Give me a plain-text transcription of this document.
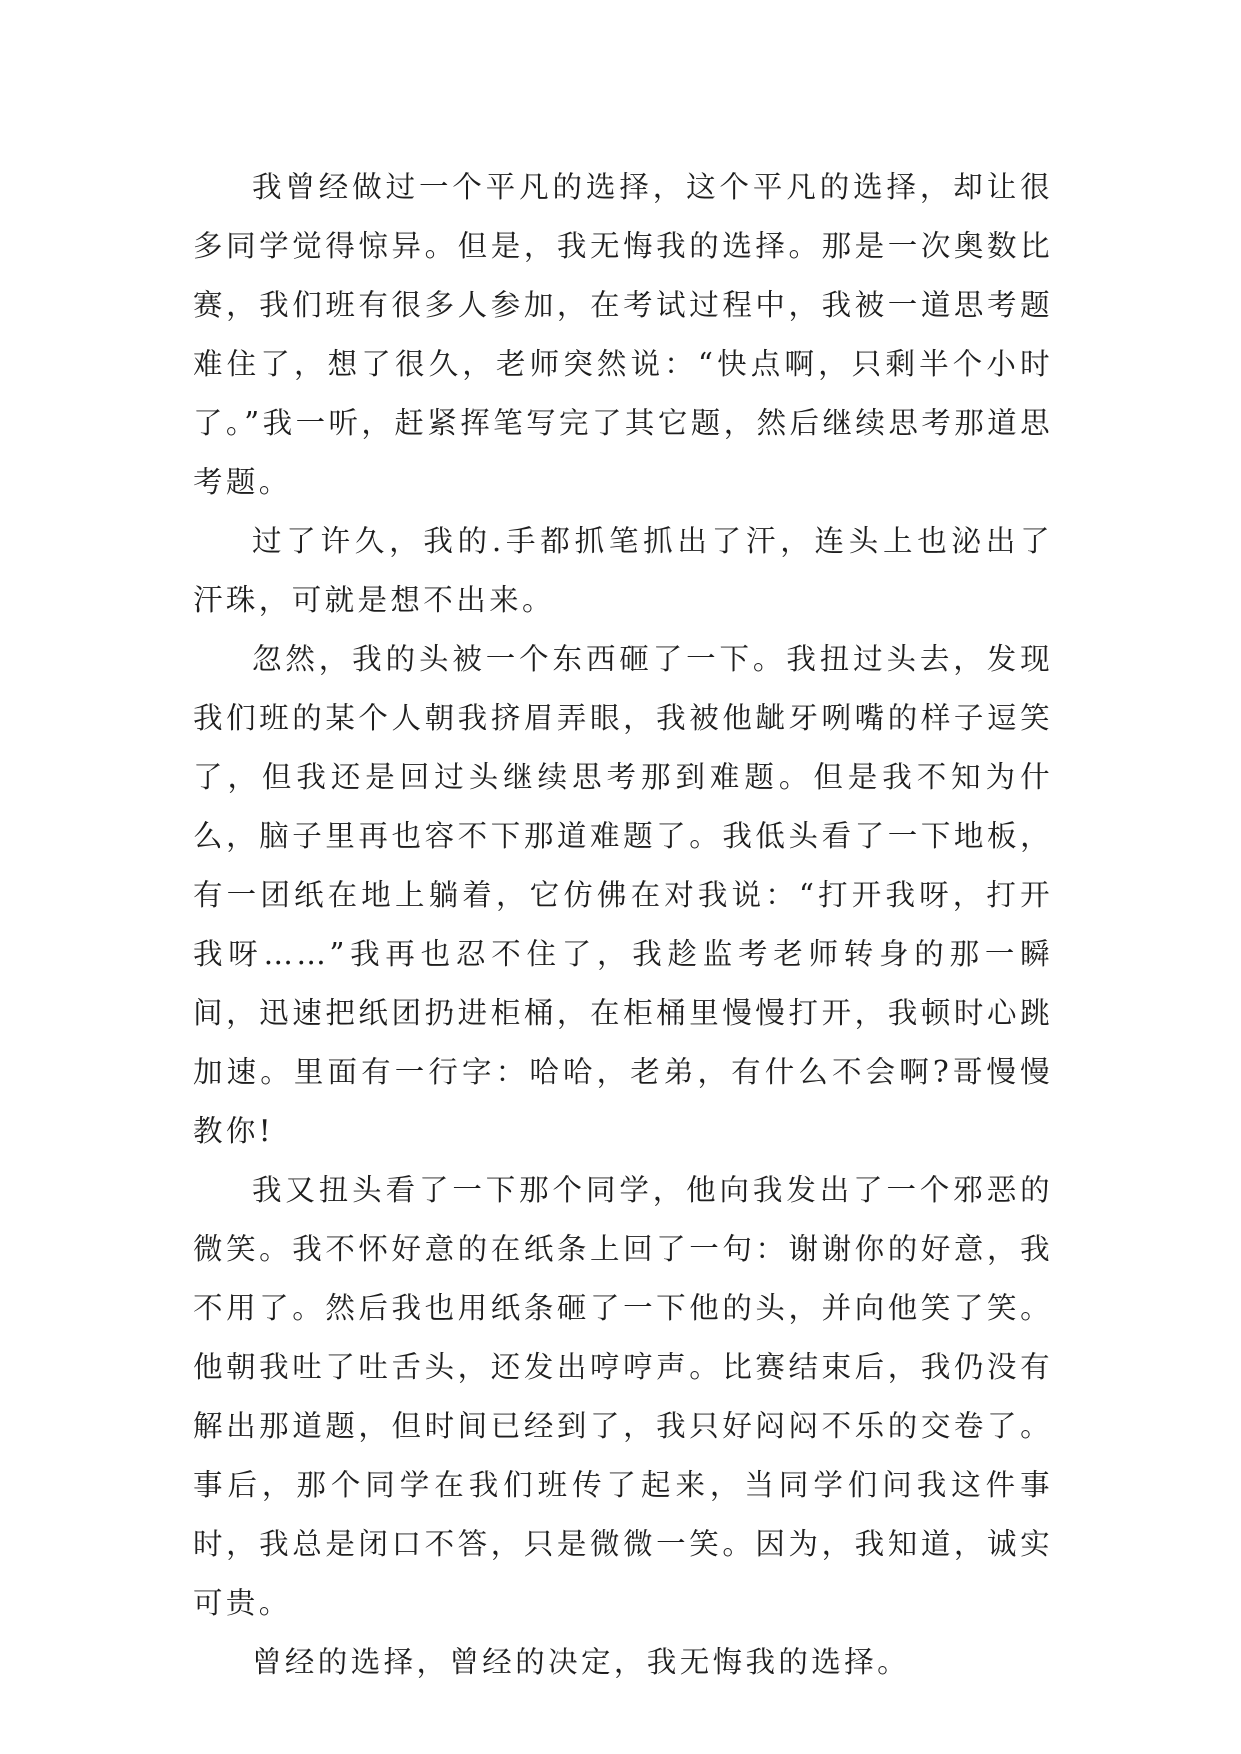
我曾经做过一个平凡的选择，这个平凡的选择，却让很多同学觉得惊异。但是，我无悔我的选择。那是一次奥数比赛，我们班有很多人参加，在考试过程中，我被一道思考题难住了，想了很久，老师突然说：“快点啊，只剩半个小时了。”我一听，赶紧挥笔写完了其它题，然后继续思考那道思考题。

过了许久，我的.手都抓笔抓出了汗，连头上也泌出了汗珠，可就是想不出来。

忽然，我的头被一个东西砸了一下。我扭过头去，发现我们班的某个人朝我挤眉弄眼，我被他龇牙咧嘴的样子逗笑了，但我还是回过头继续思考那到难题。但是我不知为什么，脑子里再也容不下那道难题了。我低头看了一下地板，有一团纸在地上躺着，它仿佛在对我说：“打开我呀，打开我呀……”我再也忍不住了，我趁监考老师转身的那一瞬间，迅速把纸团扔进柜桶，在柜桶里慢慢打开，我顿时心跳加速。里面有一行字：哈哈，老弟，有什么不会啊?哥慢慢教你!

我又扭头看了一下那个同学，他向我发出了一个邪恶的微笑。我不怀好意的在纸条上回了一句：谢谢你的好意，我不用了。然后我也用纸条砸了一下他的头，并向他笑了笑。他朝我吐了吐舌头，还发出哼哼声。比赛结束后，我仍没有解出那道题，但时间已经到了，我只好闷闷不乐的交卷了。事后，那个同学在我们班传了起来，当同学们问我这件事时，我总是闭口不答，只是微微一笑。因为，我知道，诚实可贵。

曾经的选择，曾经的决定，我无悔我的选择。
